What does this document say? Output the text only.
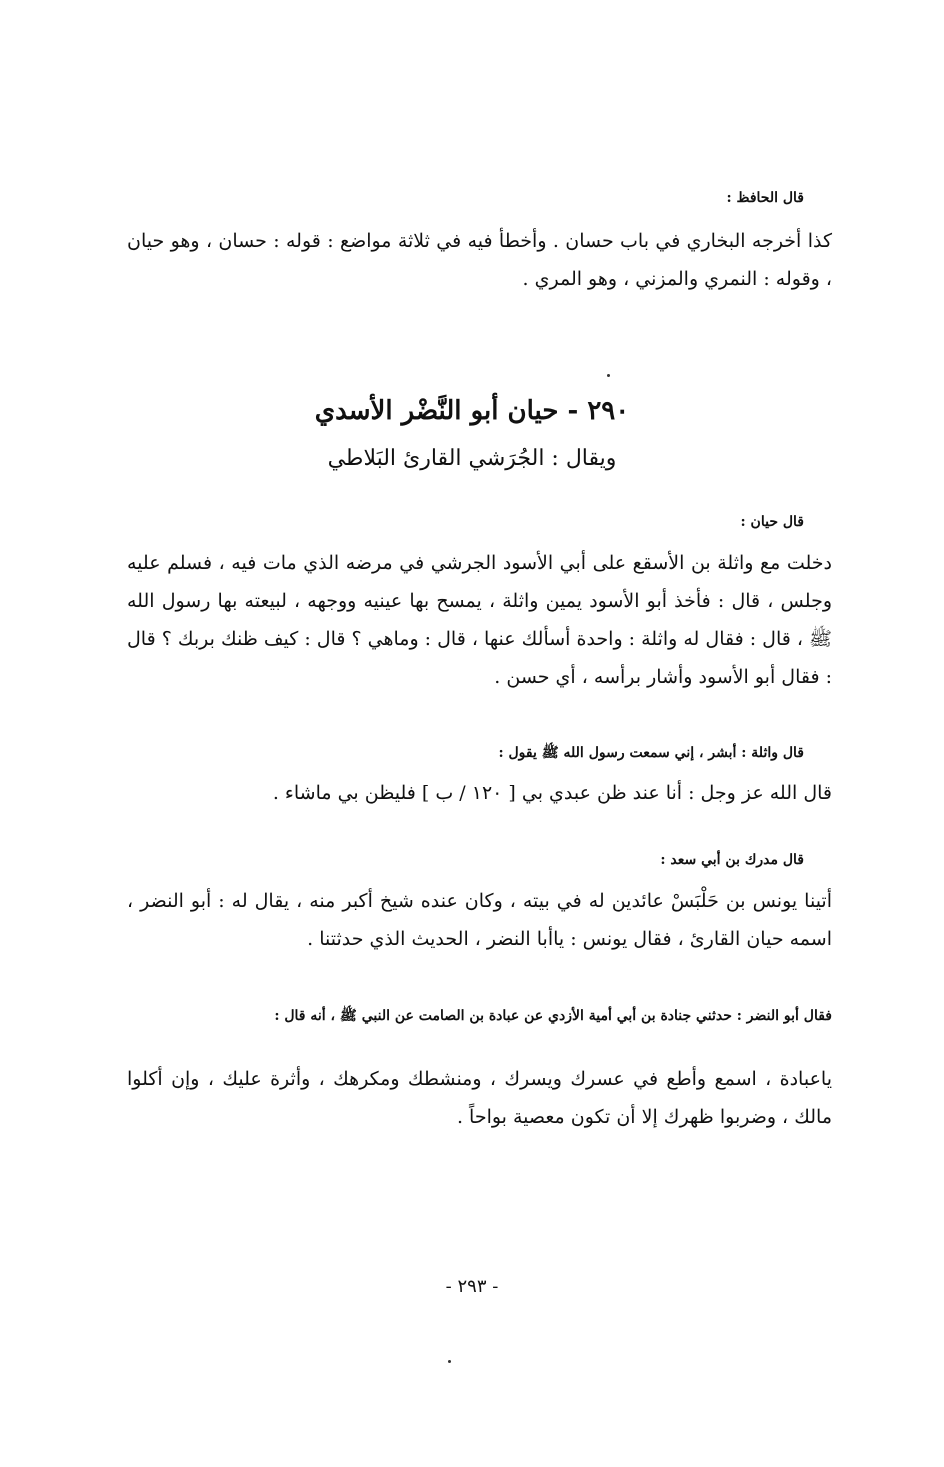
قال الحافظ :
كذا أخرجه البخاري في باب حسان . وأخطأ فيه في ثلاثة مواضع : قوله : حسان ، وهو حيان ، وقوله : النمري والمزني ، وهو المري .
٢٩٠ - حيان أبو النَّضْر الأسدي
ويقال : الجُرَشي القارئ البَلاطي
قال حيان :
دخلت مع واثلة بن الأسقع على أبي الأسود الجرشي في مرضه الذي مات فيه ، فسلم عليه وجلس ، قال : فأخذ أبو الأسود يمين واثلة ، يمسح بها عينيه ووجهه ، لبيعته بها رسول الله ﷺ ، قال : فقال له واثلة : واحدة أسألك عنها ، قال : وماهي ؟ قال : كيف ظنك بربك ؟ قال : فقال أبو الأسود وأشار برأسه ، أي حسن .
قال واثلة : أبشر ، إني سمعت رسول الله ﷺ يقول :
قال الله عز وجل : أنا عند ظن عبدي بي [ ١٢٠ / ب ] فليظن بي ماشاء .
قال مدرك بن أبي سعد :
أتينا يونس بن حَلْبَسْ عائدين له في بيته ، وكان عنده شيخ أكبر منه ، يقال له : أبو النضر ، اسمه حيان القارئ ، فقال يونس : ياأبا النضر ، الحديث الذي حدثتنا .
فقال أبو النضر : حدثني جنادة بن أبي أمية الأزدي عن عبادة بن الصامت عن النبي ﷺ ، أنه قال :
ياعبادة ، اسمع وأطع في عسرك ويسرك ، ومنشطك ومكرهك ، وأثرة عليك ، وإن أكلوا مالك ، وضربوا ظهرك إلا أن تكون معصية بواحاً .
- ٢٩٣ -
